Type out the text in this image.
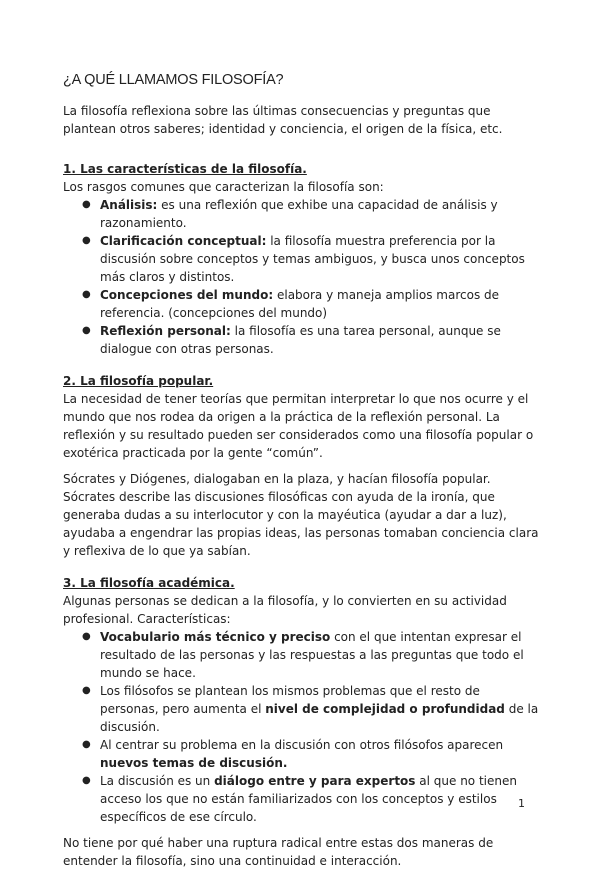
¿A QUÉ LLAMAMOS FILOSOFÍA?

La filosofía reflexiona sobre las últimas consecuencias y preguntas que plantean otros saberes; identidad y conciencia, el origen de la física, etc.

1. Las características de la filosofía.

Los rasgos comunes que caracterizan la filosofía son:

● Análisis: es una reflexión que exhibe una capacidad de análisis y razonamiento.
● Clarificación conceptual: la filosofía muestra preferencia por la discusión sobre conceptos y temas ambiguos, y busca unos conceptos más claros y distintos.
● Concepciones del mundo: elabora y maneja amplios marcos de referencia. (concepciones del mundo)
● Reflexión personal: la filosofía es una tarea personal, aunque se dialogue con otras personas.

2. La filosofía popular.

La necesidad de tener teorías que permitan interpretar lo que nos ocurre y el mundo que nos rodea da origen a la práctica de la reflexión personal. La reflexión y su resultado pueden ser considerados como una filosofía popular o exotérica practicada por la gente “común”.

Sócrates y Diógenes, dialogaban en la plaza, y hacían filosofía popular. Sócrates describe las discusiones filosóficas con ayuda de la ironía, que generaba dudas a su interlocutor y con la mayéutica (ayudar a dar a luz), ayudaba a engendrar las propias ideas, las personas tomaban conciencia clara y reflexiva de lo que ya sabían.

3. La filosofía académica.

Algunas personas se dedican a la filosofía, y lo convierten en su actividad profesional. Características:

● Vocabulario más técnico y preciso con el que intentan expresar el resultado de las personas y las respuestas a las preguntas que todo el mundo se hace.
● Los filósofos se plantean los mismos problemas que el resto de personas, pero aumenta el nivel de complejidad o profundidad de la discusión.
● Al centrar su problema en la discusión con otros filósofos aparecen nuevos temas de discusión.
● La discusión es un diálogo entre y para expertos al que no tienen acceso los que no están familiarizados con los conceptos y estilos específicos de ese círculo.

No tiene por qué haber una ruptura radical entre estas dos maneras de entender la filosofía, sino una continuidad e interacción.

1
